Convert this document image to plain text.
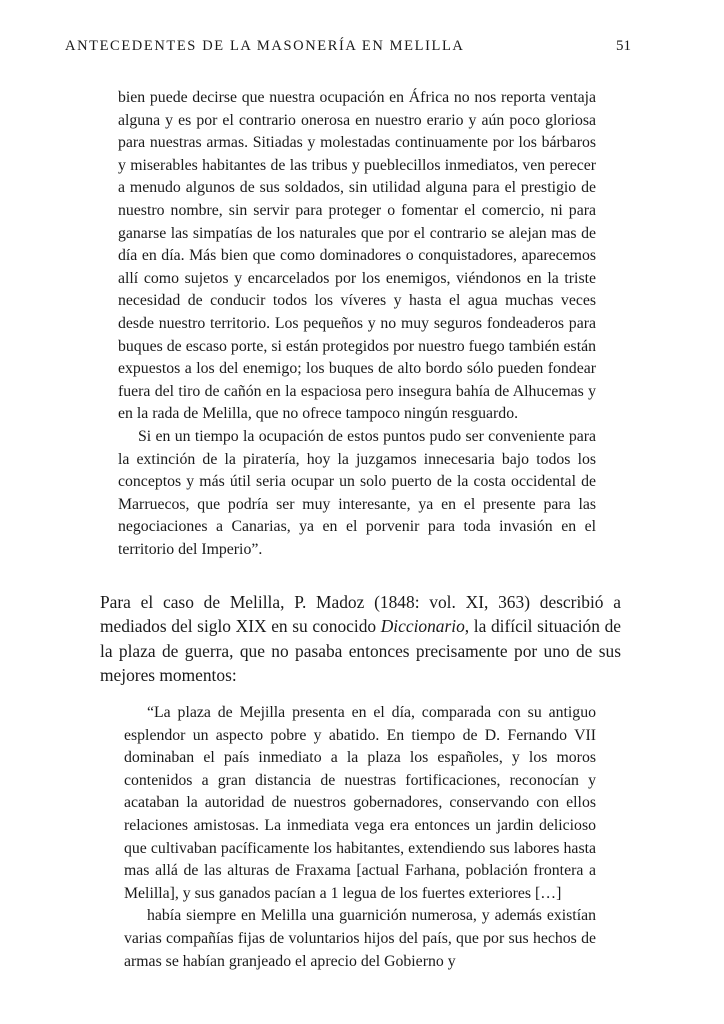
ANTECEDENTES DE LA MASONERÍA EN MELILLA	51

bien puede decirse que nuestra ocupación en África no nos reporta ventaja alguna y es por el contrario onerosa en nuestro erario y aún poco gloriosa para nuestras armas. Sitiadas y molestadas continuamente por los bárbaros y miserables habitantes de las tribus y pueblecillos inmediatos, ven perecer a menudo algunos de sus soldados, sin utilidad alguna para el prestigio de nuestro nombre, sin servir para proteger o fomentar el comercio, ni para ganarse las simpatías de los naturales que por el contrario se alejan mas de día en día. Más bien que como dominadores o conquistadores, aparecemos allí como sujetos y encarcelados por los enemigos, viéndonos en la triste necesidad de conducir todos los víveres y hasta el agua muchas veces desde nuestro territorio. Los pequeños y no muy seguros fondeaderos para buques de escaso porte, si están protegidos por nuestro fuego también están expuestos a los del enemigo; los buques de alto bordo sólo pueden fondear fuera del tiro de cañón en la espaciosa pero insegura bahía de Alhucemas y en la rada de Melilla, que no ofrece tampoco ningún resguardo.

Si en un tiempo la ocupación de estos puntos pudo ser conveniente para la extinción de la piratería, hoy la juzgamos innecesaria bajo todos los conceptos y más útil seria ocupar un solo puerto de la costa occidental de Marruecos, que podría ser muy interesante, ya en el presente para las negociaciones a Canarias, ya en el porvenir para toda invasión en el territorio del Imperio”.

Para el caso de Melilla, P. Madoz (1848: vol. XI, 363) describió a mediados del siglo XIX en su conocido Diccionario, la difícil situación de la plaza de guerra, que no pasaba entonces precisamente por uno de sus mejores momentos:

“La plaza de Mejilla presenta en el día, comparada con su antiguo esplendor un aspecto pobre y abatido. En tiempo de D. Fernando VII dominaban el país inmediato a la plaza los españoles, y los moros contenidos a gran distancia de nuestras fortificaciones, reconocían y acataban la autoridad de nuestros gobernadores, conservando con ellos relaciones amistosas. La inmediata vega era entonces un jardin delicioso que cultivaban pacíficamente los habitantes, extendiendo sus labores hasta mas allá de las alturas de Fraxama [actual Farhana, población frontera a Melilla], y sus ganados pacían a 1 legua de los fuertes exteriores […]

había siempre en Melilla una guarnición numerosa, y además existían varias compañías fijas de voluntarios hijos del país, que por sus hechos de armas se habían granjeado el aprecio del Gobierno y
